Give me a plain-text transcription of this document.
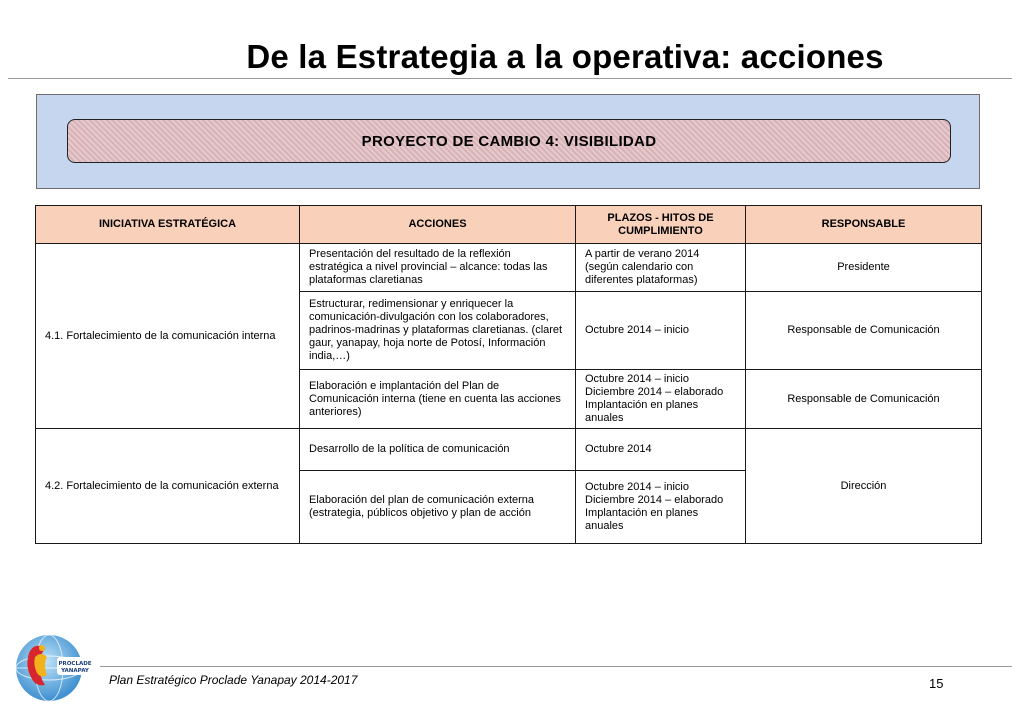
De la Estrategia a la operativa: acciones
PROYECTO DE CAMBIO 4: VISIBILIDAD
INICIATIVA ESTRATÉGICA	ACCIONES	PLAZOS - HITOS DE CUMPLIMIENTO	RESPONSABLE
4.1. Fortalecimiento de la comunicación interna	Presentación del resultado de la reflexión estratégica a nivel provincial – alcance: todas las plataformas claretianas	A partir de verano 2014 (según calendario con diferentes plataformas)	Presidente
	Estructurar, redimensionar y enriquecer la comunicación-divulgación con los colaboradores, padrinos-madrinas y plataformas claretianas. (claret gaur, yanapay, hoja norte de Potosí, Información india,…)	Octubre 2014 – inicio	Responsable de Comunicación
	Elaboración e implantación del Plan de Comunicación interna (tiene en cuenta las acciones anteriores)	Octubre 2014 – inicio Diciembre 2014 – elaborado Implantación en planes anuales	Responsable de Comunicación
4.2. Fortalecimiento de la comunicación externa	Desarrollo de la política de comunicación	Octubre 2014	Dirección
	Elaboración del plan de comunicación externa (estrategia, públicos objetivo y plan de acción	Octubre 2014 – inicio Diciembre 2014 – elaborado Implantación en planes anuales	
PROCLADE
YANAPAY
Plan Estratégico Proclade Yanapay 2014-2017	15
